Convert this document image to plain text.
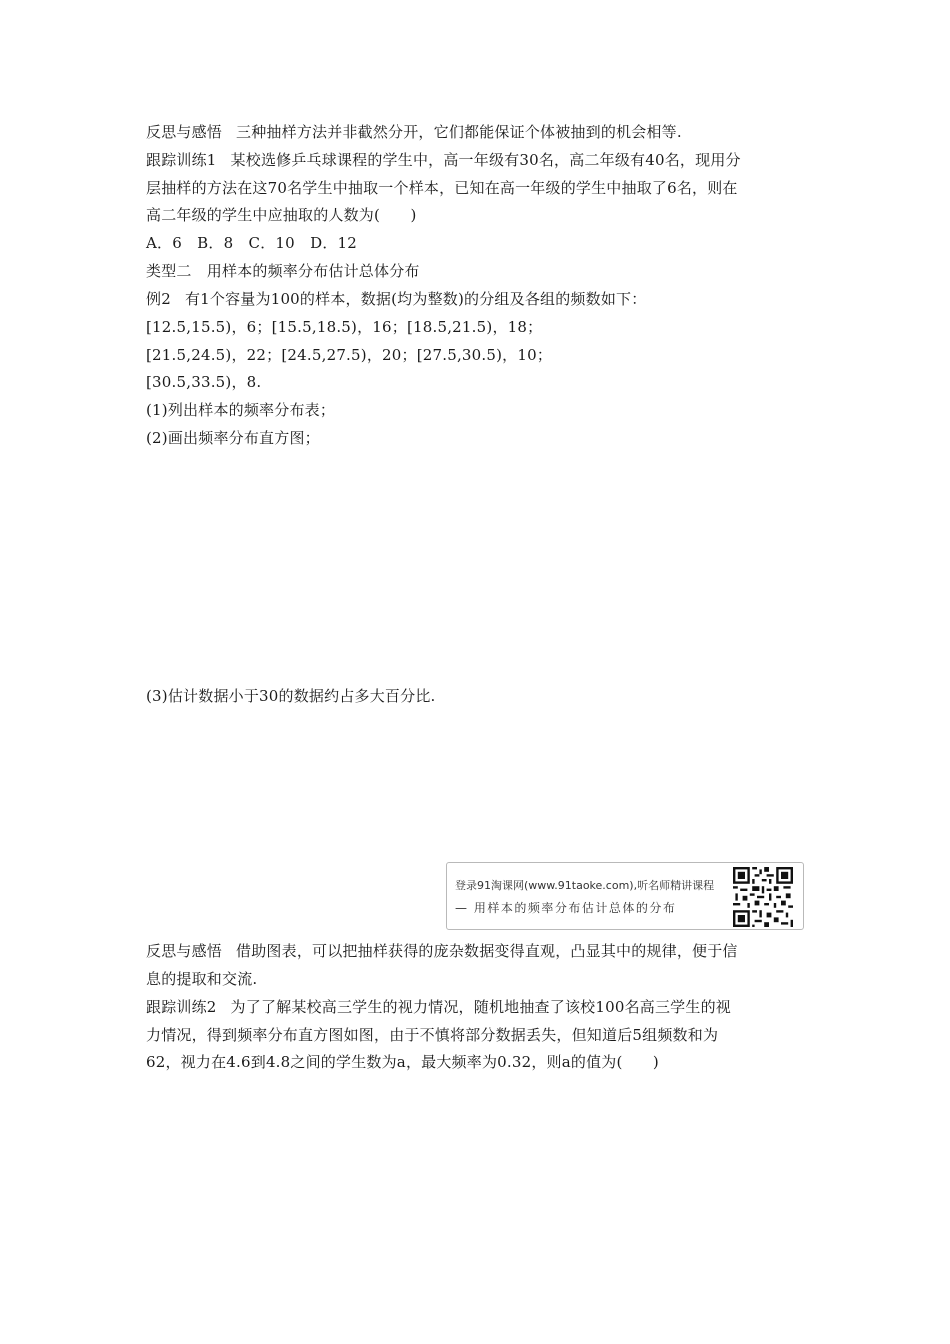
反思与感悟 三种抽样方法并非截然分开，它们都能保证个体被抽到的机会相等.
跟踪训练1 某校选修乒乓球课程的学生中，高一年级有30名，高二年级有40名，现用分
层抽样的方法在这70名学生中抽取一个样本，已知在高一年级的学生中抽取了6名，则在
高二年级的学生中应抽取的人数为(　　)
A．6　B．8　C．10　D．12
类型二　用样本的频率分布估计总体分布
例2 有1个容量为100的样本，数据(均为整数)的分组及各组的频数如下：
[12.5,15.5)，6；[15.5,18.5)，16；[18.5,21.5)，18；
[21.5,24.5)，22；[24.5,27.5)，20；[27.5,30.5)，10；
[30.5,33.5)，8.
(1)列出样本的频率分布表；
(2)画出频率分布直方图；
(3)估计数据小于30的数据约占多大百分比.
登录91淘课网(www.91taoke.com),听名师精讲课程
— 用样本的频率分布估计总体的分布
反思与感悟 借助图表，可以把抽样获得的庞杂数据变得直观，凸显其中的规律，便于信
息的提取和交流.
跟踪训练2 为了了解某校高三学生的视力情况，随机地抽查了该校100名高三学生的视
力情况，得到频率分布直方图如图，由于不慎将部分数据丢失，但知道后5组频数和为
62，视力在4.6到4.8之间的学生数为a，最大频率为0.32，则a的值为(　　)
